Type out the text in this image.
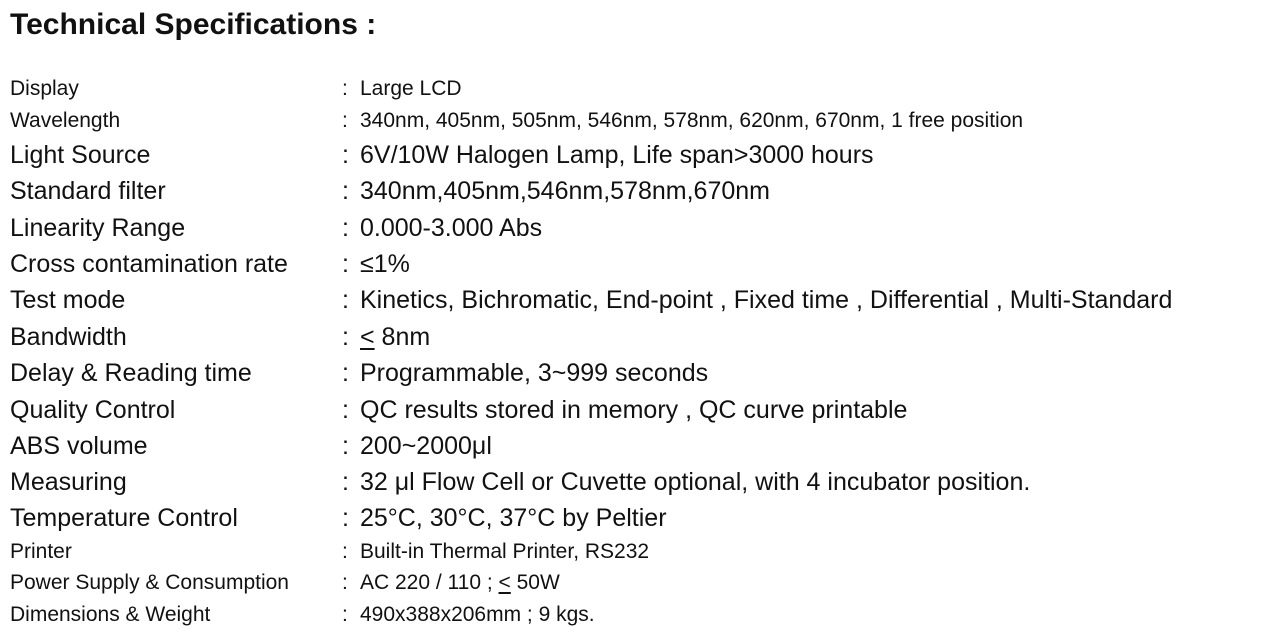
Technical Specifications :
Display	: Large LCD
Wavelength	: 340nm, 405nm, 505nm, 546nm, 578nm, 620nm, 670nm, 1 free position
Light Source	: 6V/10W Halogen Lamp, Life span>3000 hours
Standard filter	: 340nm,405nm,546nm,578nm,670nm
Linearity Range	: 0.000-3.000 Abs
Cross contamination rate : ≤1%
Test mode	: Kinetics, Bichromatic, End-point , Fixed time , Differential , Multi-Standard
Bandwidth	: < 8nm
Delay & Reading time	: Programmable, 3~999 seconds
Quality Control	: QC results stored in memory , QC curve printable
ABS volume	: 200~2000μl
Measuring	: 32 μl Flow Cell or Cuvette optional, with 4 incubator position.
Temperature Control	: 25°C, 30°C, 37°C by Peltier
Printer	: Built-in Thermal Printer, RS232
Power Supply & Consumption	: AC 220 / 110 ; < 50W
Dimensions & Weight	: 490x388x206mm ; 9 kgs.
